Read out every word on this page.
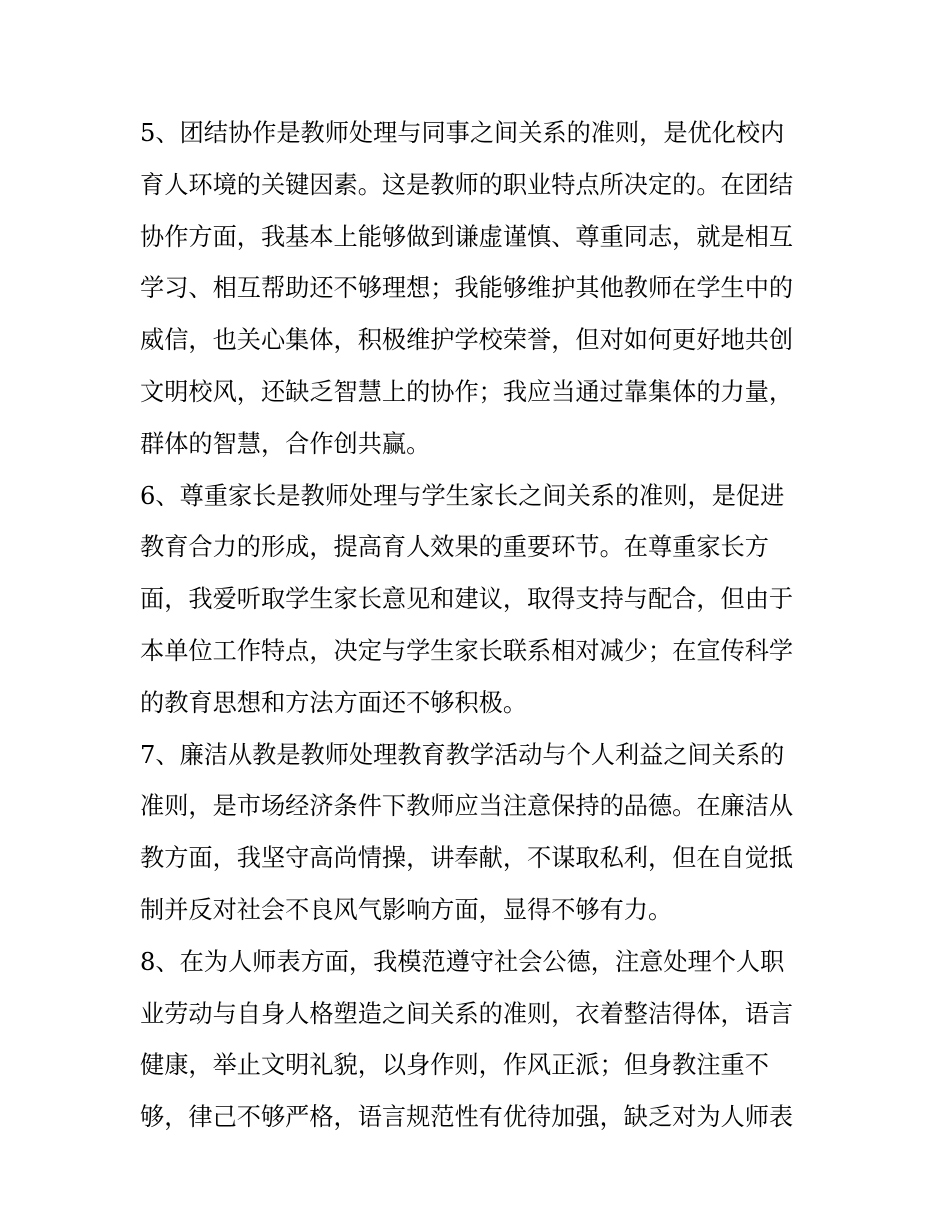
5、团结协作是教师处理与同事之间关系的准则，是优化校内
育人环境的关键因素。这是教师的职业特点所决定的。在团结
协作方面，我基本上能够做到谦虚谨慎、尊重同志，就是相互
学习、相互帮助还不够理想；我能够维护其他教师在学生中的
威信，也关心集体，积极维护学校荣誉，但对如何更好地共创
文明校风，还缺乏智慧上的协作；我应当通过靠集体的力量，
群体的智慧，合作创共赢。
6、尊重家长是教师处理与学生家长之间关系的准则，是促进
教育合力的形成，提高育人效果的重要环节。在尊重家长方
面，我爱听取学生家长意见和建议，取得支持与配合，但由于
本单位工作特点，决定与学生家长联系相对减少；在宣传科学
的教育思想和方法方面还不够积极。
7、廉洁从教是教师处理教育教学活动与个人利益之间关系的
准则，是市场经济条件下教师应当注意保持的品德。在廉洁从
教方面，我坚守高尚情操，讲奉献，不谋取私利，但在自觉抵
制并反对社会不良风气影响方面，显得不够有力。
8、在为人师表方面，我模范遵守社会公德，注意处理个人职
业劳动与自身人格塑造之间关系的准则，衣着整洁得体，语言
健康，举止文明礼貌，以身作则，作风正派；但身教注重不
够，律己不够严格，语言规范性有优待加强，缺乏对为人师表
